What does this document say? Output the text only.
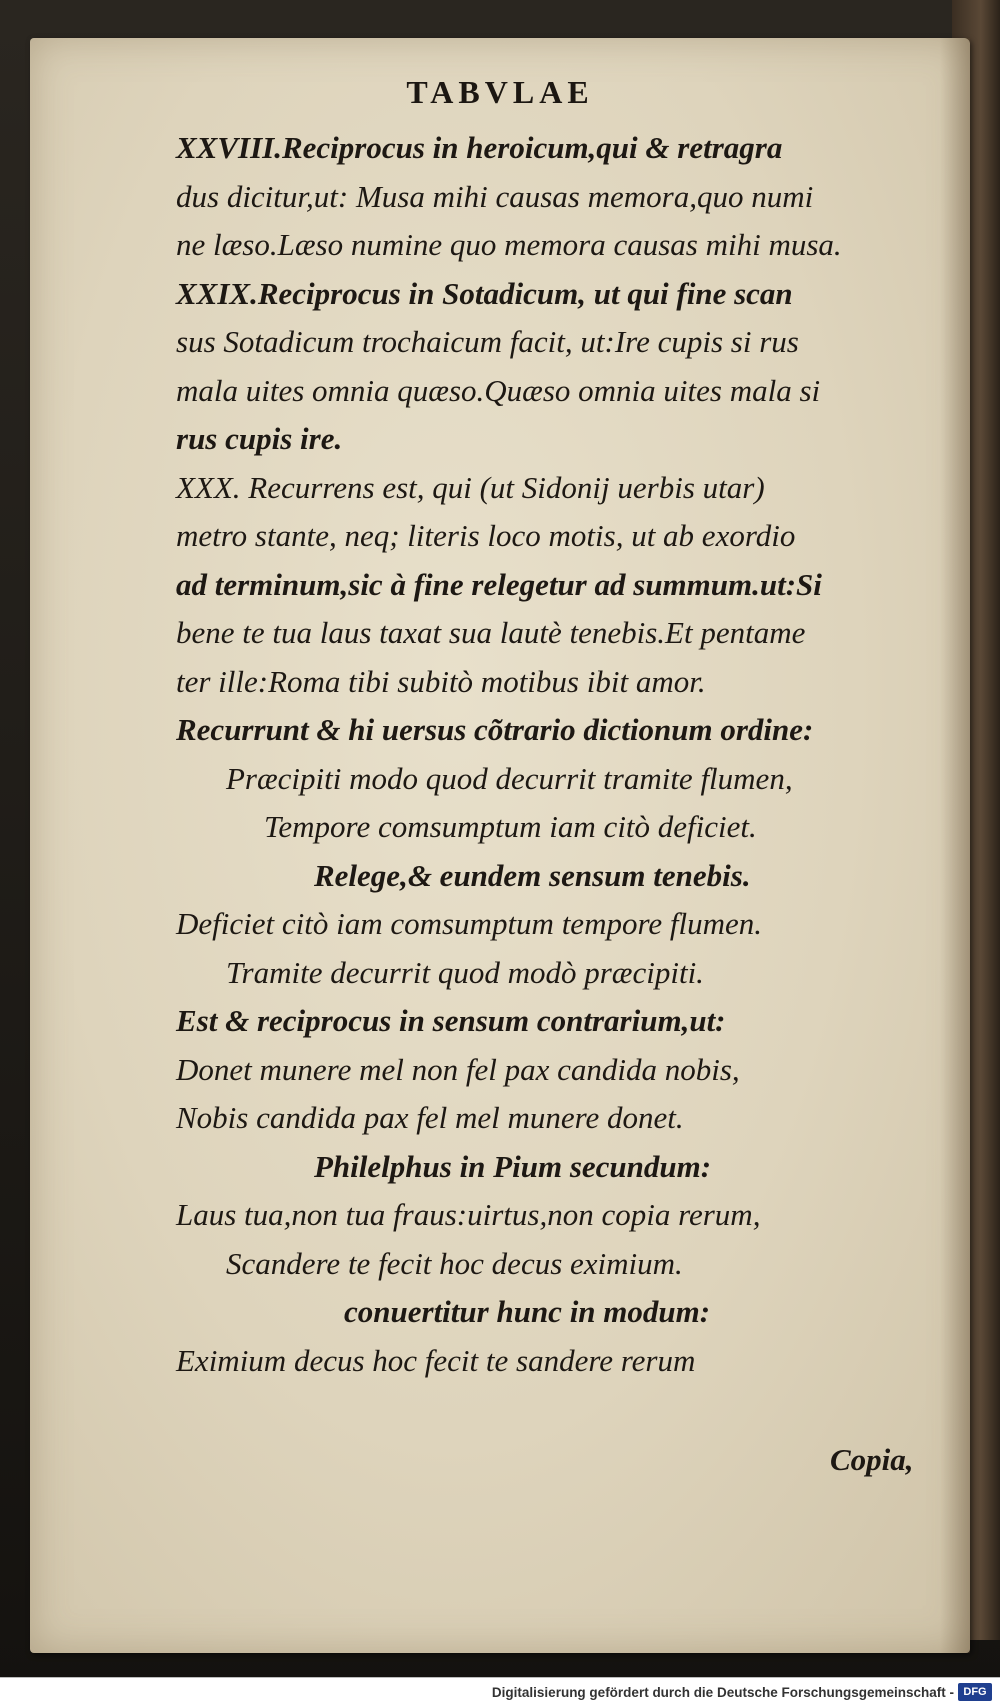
TABVLAE
XXVIII.Reciprocus in heroicum,qui & retragra
dus dicitur,ut: Musa mihi causas memora,quo numi
ne læso.Læso numine quo memora causas mihi musa.
XXIX.Reciprocus in Sotadicum, ut qui fine scan
sus Sotadicum trochaicum facit, ut:Ire cupis si rus
mala uites omnia quæso.Quæso omnia uites mala si
rus cupis ire.
XXX. Recurrens est, qui (ut Sidonij uerbis utar)
metro stante, neq; literis loco motis, ut ab exordio
ad terminum,sic à fine relegetur ad summum.ut:Si
bene te tua laus taxat sua lautè tenebis.Et pentame
ter ille:Roma tibi subitò motibus ibit amor.
Recurrunt & hi uersus cõtrario dictionum ordine:
Præcipiti modo quod decurrit tramite flumen,
Tempore comsumptum iam citò deficiet.
Relege,& eundem sensum tenebis.
Deficiet citò iam comsumptum tempore flumen.
Tramite decurrit quod modò præcipiti.
Est & reciprocus in sensum contrarium,ut:
Donet munere mel non fel pax candida nobis,
Nobis candida pax fel mel munere donet.
Philelphus in Pium secundum:
Laus tua,non tua fraus:uirtus,non copia rerum,
Scandere te fecit hoc decus eximium.
conuertitur hunc in modum:
Eximium decus hoc fecit te sandere rerum
Copia,
Digitalisierung gefördert durch die Deutsche Forschungsgemeinschaft - DFG
